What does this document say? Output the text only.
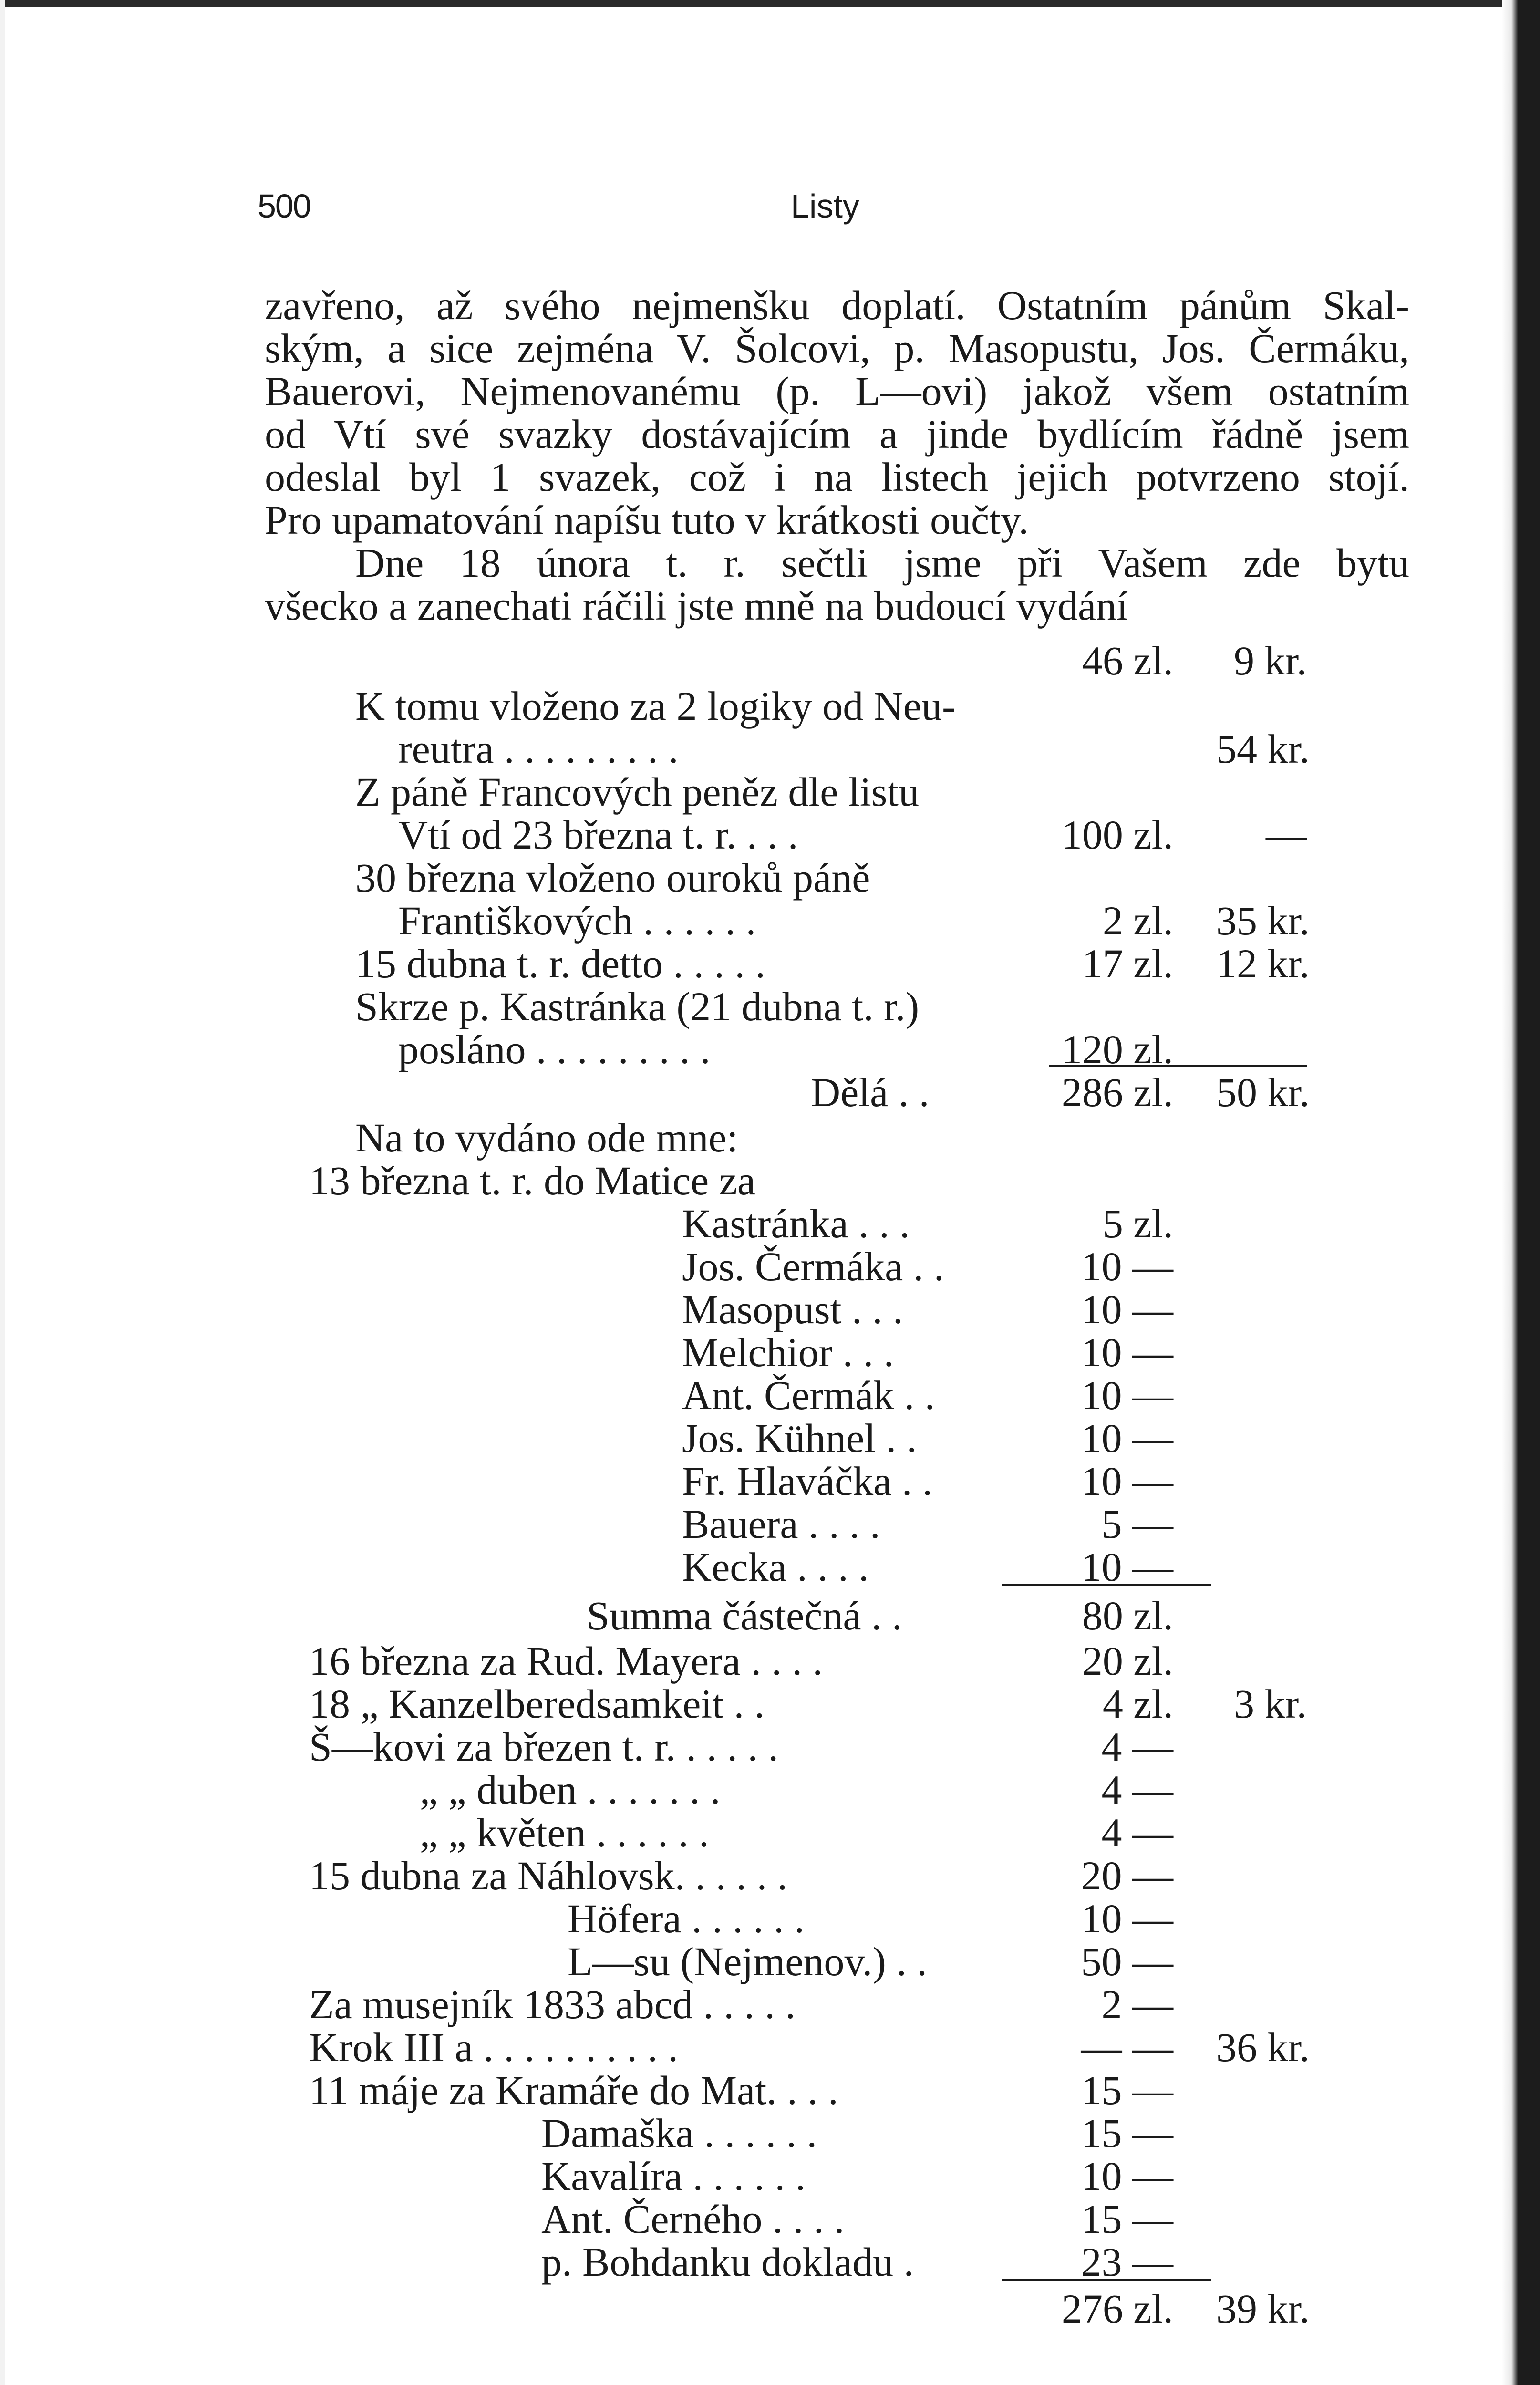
500	Listy
zavřeno, až svého nejmenšku doplatí. Ostatním pánům Skal-
ským, a sice zejména V. Šolcovi, p. Masopustu, Jos. Čermáku,
Bauerovi, Nejmenovanému (p. L—ovi) jakož všem ostatním
od Vtí své svazky dostávajícím a jinde bydlícím řádně jsem
odeslal byl 1 svazek, což i na listech jejich potvrzeno stojí.
Pro upamatování napíšu tuto v krátkosti oučty.
Dne 18 února t. r. sečtli jsme při Vašem zde bytu
všecko a zanechati ráčili jste mně na budoucí vydání
46 zl.	9 kr.
K tomu vloženo za 2 logiky od Neu-
reutra . . . . . . . . .	54 kr.
Z páně Francových peněz dle listu
Vtí od 23 března t. r. . . .	100 zl.	—
30 března vloženo ouroků páně
Františkových . . . . . .	2 zl. 35 kr.
15 dubna t. r. detto . . . . .	17 zl. 12 kr.
Skrze p. Kastránka (21 dubna t. r.)
posláno . . . . . . . . .	120 zl.
Dělá . .	286 zl. 50 kr.
Na to vydáno ode mne:
13 března t. r. do Matice za
Kastránka . . .	5 zl.
Jos. Čermáka . .	10 —
Masopust . . .	10 —
Melchior . . .	10 —
Ant. Čermák . .	10 —
Jos. Kühnel . .	10 —
Fr. Hlaváčka . .	10 —
Bauera . . . .	5 —
Kecka . . . .	10 —
Summa částečná . .	80 zl.
16 března za Rud. Mayera . . . .	20 zl.
18 „ Kanzelberedsamkeit . .	4 zl.	3 kr.
Š—kovi za březen t. r. . . . . .	4 —
„ „ duben . . . . . . .	4 —
„ „ květen . . . . . .	4 —
15 dubna za Náhlovsk. . . . . .	20 —
Höfera . . . . . .	10 —
L—su (Nejmenov.) . .	50 —
Za musejník 1833 abcd . . . . .	2 —
Krok III a . . . . . . . . . .	— — 36 kr.
11 máje za Kramáře do Mat. . . .	15 —
Damaška . . . . . .	15 —
Kavalíra . . . . . .	10 —
Ant. Černého . . . .	15 —
p. Bohdanku dokladu .	23 —
276 zl. 39 kr.
